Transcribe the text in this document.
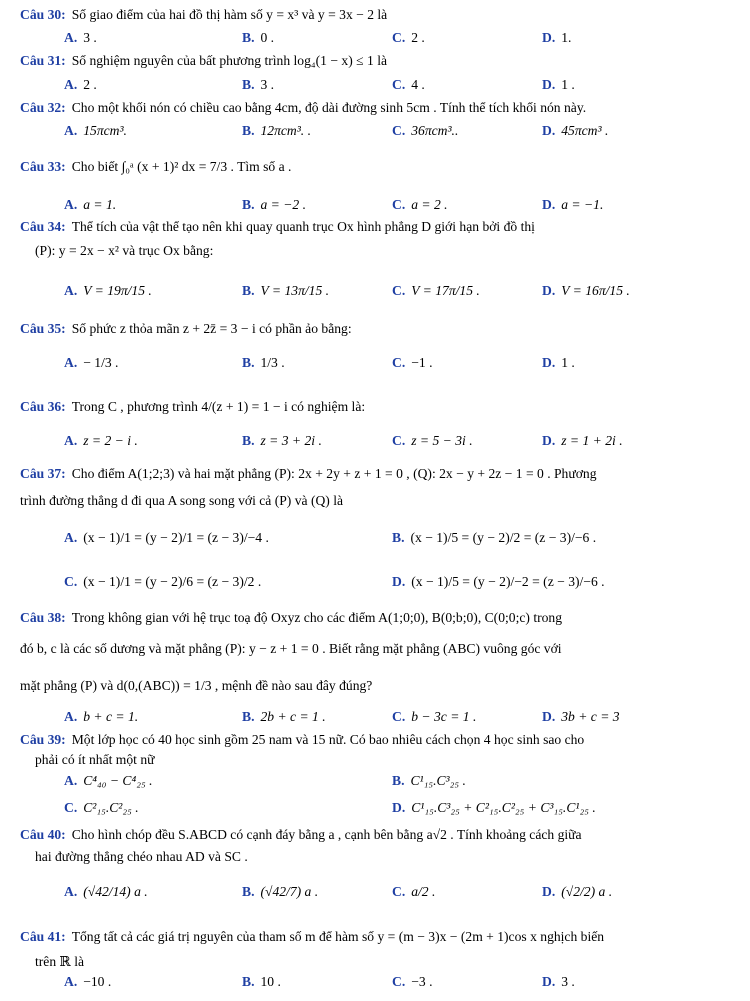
Câu 30: Số giao điểm của hai đồ thị hàm số y = x³ và y = 3x − 2 là
A. 3 .	B. 0 .	C. 2 .	D. 1.
Câu 31: Số nghiệm nguyên của bất phương trình log₄(1 − x) ≤ 1 là
A. 2 .	B. 3 .	C. 4 .	D. 1 .
Câu 32: Cho một khối nón có chiều cao bằng 4cm, độ dài đường sinh 5cm . Tính thể tích khối nón này.
A. 15πcm³.	B. 12πcm³. .	C. 36πcm³..	D. 45πcm³ .
Câu 33: Cho biết ∫₀ᵃ (x + 1)² dx = 7/3 . Tìm số a .
A. a = 1.	B. a = −2 .	C. a = 2 .	D. a = −1.
Câu 34: Thể tích của vật thể tạo nên khi quay quanh trục Ox hình phẳng D giới hạn bởi đồ thị
(P): y = 2x − x² và trục Ox bằng:
A. V = 19π/15 .	B. V = 13π/15 .	C. V = 17π/15 .	D. V = 16π/15 .
Câu 35: Số phức z thỏa mãn z + 2z̄ = 3 − i có phần ảo bằng:
A. − 1/3 .	B. 1/3 .	C. −1 .	D. 1 .
Câu 36: Trong C , phương trình 4/(z + 1) = 1 − i có nghiệm là:
A. z = 2 − i .	B. z = 3 + 2i .	C. z = 5 − 3i .	D. z = 1 + 2i .
Câu 37: Cho điểm A(1;2;3) và hai mặt phẳng (P): 2x + 2y + z + 1 = 0 , (Q): 2x − y + 2z − 1 = 0 . Phương
trình đường thẳng d đi qua A song song với cả (P) và (Q) là
A. (x − 1)/1 = (y − 2)/1 = (z − 3)/−4 .	B. (x − 1)/5 = (y − 2)/2 = (z − 3)/−6 .
C. (x − 1)/1 = (y − 2)/6 = (z − 3)/2 .	D. (x − 1)/5 = (y − 2)/−2 = (z − 3)/−6 .
Câu 38: Trong không gian với hệ trục toạ độ Oxyz cho các điểm A(1;0;0), B(0;b;0), C(0;0;c) trong
đó b, c là các số dương và mặt phẳng (P): y − z + 1 = 0 . Biết rằng mặt phẳng (ABC) vuông góc với
mặt phẳng (P) và d(0,(ABC)) = 1/3 , mệnh đề nào sau đây đúng?
A. b + c = 1.	B. 2b + c = 1 .	C. b − 3c = 1 .	D. 3b + c = 3
Câu 39: Một lớp học có 40 học sinh gồm 25 nam và 15 nữ. Có bao nhiêu cách chọn 4 học sinh sao cho
phải có ít nhất một nữ
A. C⁴₄₀ − C⁴₂₅ .	B. C¹₁₅.C³₂₅ .
C. C²₁₅.C²₂₅ .	D. C¹₁₅.C³₂₅ + C²₁₅.C²₂₅ + C³₁₅.C¹₂₅ .
Câu 40: Cho hình chóp đều S.ABCD có cạnh đáy bằng a , cạnh bên bằng a√2 . Tính khoảng cách giữa
hai đường thẳng chéo nhau AD và SC .
A. (√42/14) a .	B. (√42/7) a .	C. a/2 .	D. (√2/2) a .
Câu 41: Tổng tất cả các giá trị nguyên của tham số m để hàm số y = (m − 3)x − (2m + 1)cos x nghịch biến
trên ℝ là
A. −10 .	B. 10 .	C. −3 .	D. 3 .
